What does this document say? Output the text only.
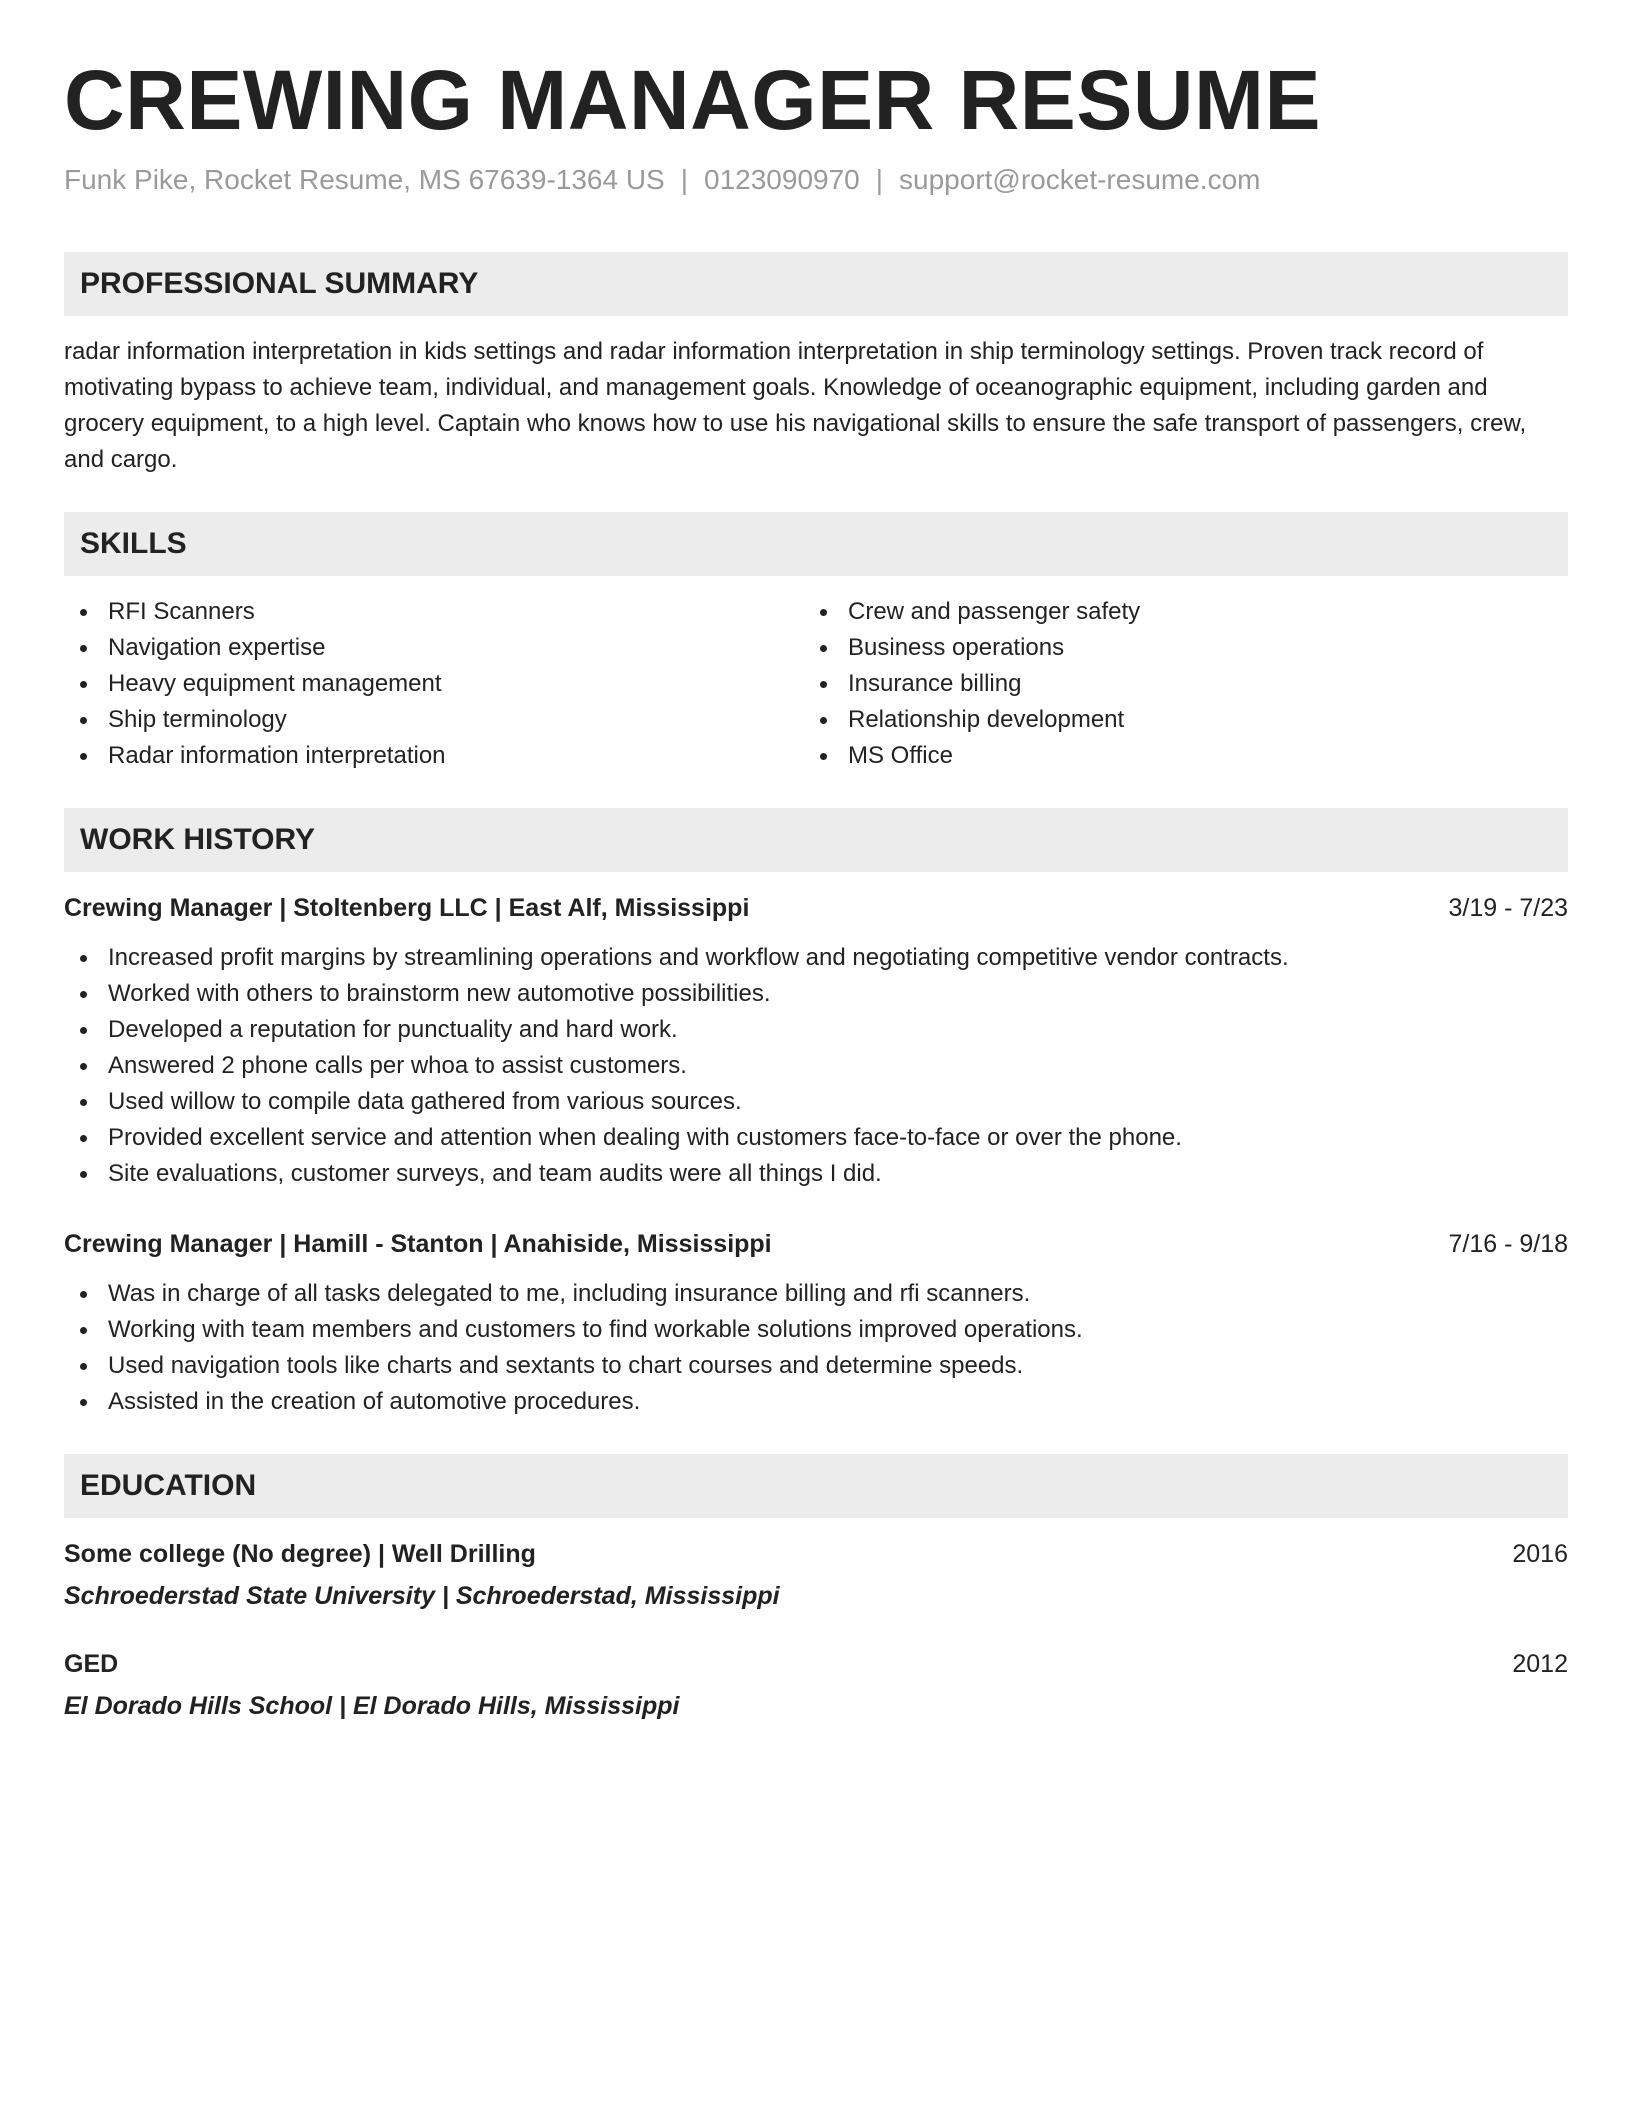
CREWING MANAGER RESUME
Funk Pike, Rocket Resume, MS 67639-1364 US | 0123090970 | support@rocket-resume.com
PROFESSIONAL SUMMARY
radar information interpretation in kids settings and radar information interpretation in ship terminology settings. Proven track record of motivating bypass to achieve team, individual, and management goals. Knowledge of oceanographic equipment, including garden and grocery equipment, to a high level. Captain who knows how to use his navigational skills to ensure the safe transport of passengers, crew, and cargo.
SKILLS
RFI Scanners
Navigation expertise
Heavy equipment management
Ship terminology
Radar information interpretation
Crew and passenger safety
Business operations
Insurance billing
Relationship development
MS Office
WORK HISTORY
Crewing Manager | Stoltenberg LLC | East Alf, Mississippi	3/19 - 7/23
Increased profit margins by streamlining operations and workflow and negotiating competitive vendor contracts.
Worked with others to brainstorm new automotive possibilities.
Developed a reputation for punctuality and hard work.
Answered 2 phone calls per whoa to assist customers.
Used willow to compile data gathered from various sources.
Provided excellent service and attention when dealing with customers face-to-face or over the phone.
Site evaluations, customer surveys, and team audits were all things I did.
Crewing Manager | Hamill - Stanton | Anahiside, Mississippi	7/16 - 9/18
Was in charge of all tasks delegated to me, including insurance billing and rfi scanners.
Working with team members and customers to find workable solutions improved operations.
Used navigation tools like charts and sextants to chart courses and determine speeds.
Assisted in the creation of automotive procedures.
EDUCATION
Some college (No degree) | Well Drilling	2016
Schroederstad State University | Schroederstad, Mississippi
GED	2012
El Dorado Hills School | El Dorado Hills, Mississippi
